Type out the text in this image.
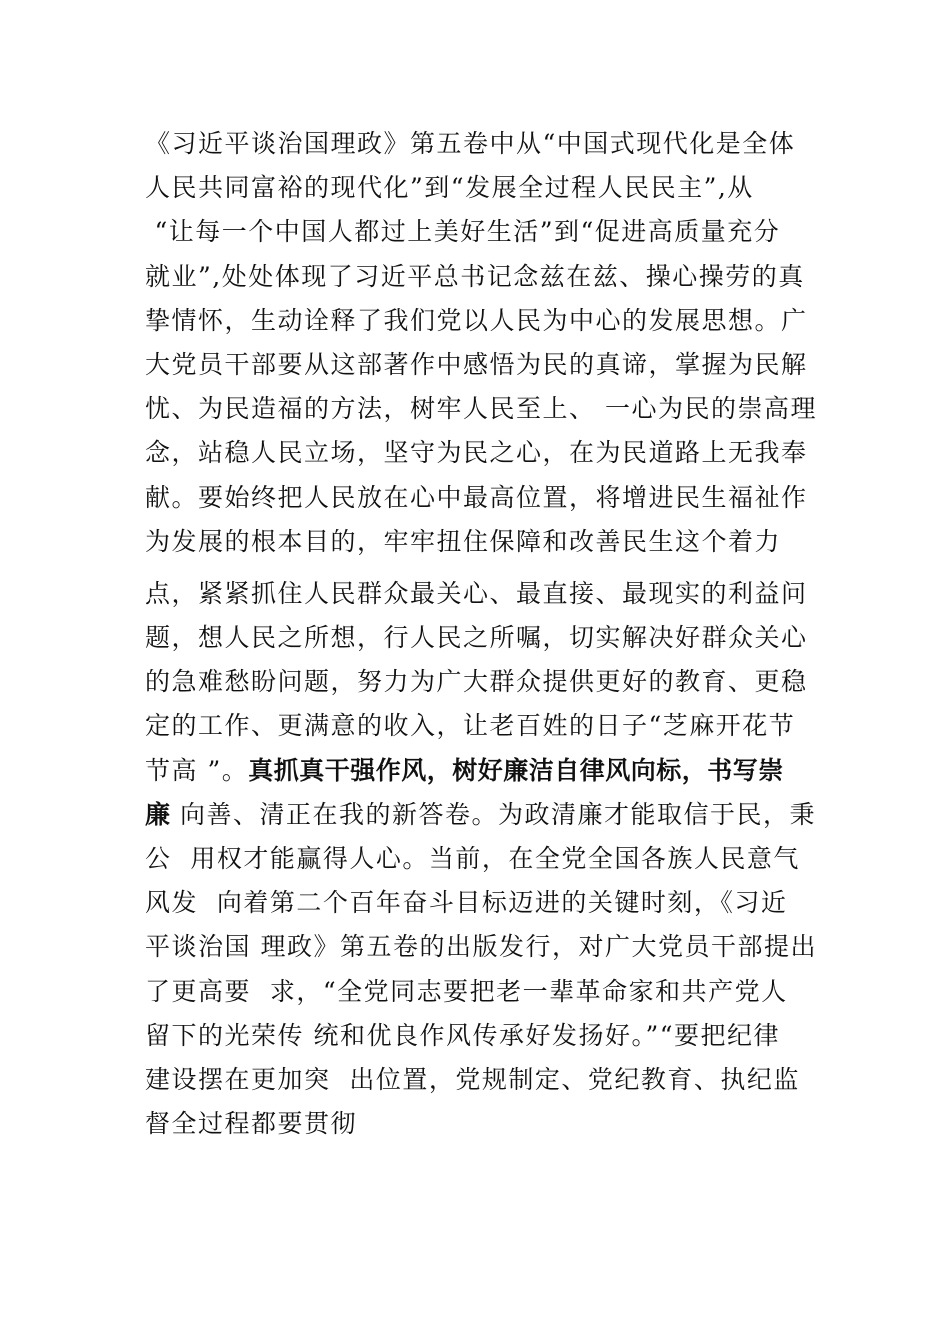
《习近平谈治国理政》第五卷中从“中国式现代化是全体
人民共同富裕的现代化”到“发展全过程人民民主”,从
“让每一个中国人都过上美好生活”到“促进高质量充分
就业”,处处体现了习近平总书记念兹在兹、操心操劳的真
挚情怀，生动诠释了我们党以人民为中心的发展思想。广
大党员干部要从这部著作中感悟为民的真谛，掌握为民解
忧、为民造福的方法，树牢人民至上、 一心为民的崇高理
念，站稳人民立场，坚守为民之心，在为民道路上无我奉
献。要始终把人民放在心中最高位置，将增进民生福祉作
为发展的根本目的，牢牢扭住保障和改善民生这个着力
点，紧紧抓住人民群众最关心、最直接、最现实的利益问
题，想人民之所想，行人民之所嘱，切实解决好群众关心
的急难愁盼问题，努力为广大群众提供更好的教育、更稳
定的工作、更满意的收入，让老百姓的日子“芝麻开花节
节高 ”。真抓真干强作风，树好廉洁自律风向标，书写崇
廉 向善、清正在我的新答卷。为政清廉才能取信于民，秉
公  用权才能赢得人心。当前，在全党全国各族人民意气
风发  向着第二个百年奋斗目标迈进的关键时刻，《习近
平谈治国 理政》第五卷的出版发行，对广大党员干部提出
了更高要  求，“全党同志要把老一辈革命家和共产党人
留下的光荣传 统和优良作风传承好发扬好。”“要把纪律
建设摆在更加突  出位置，党规制定、党纪教育、执纪监
督全过程都要贯彻
